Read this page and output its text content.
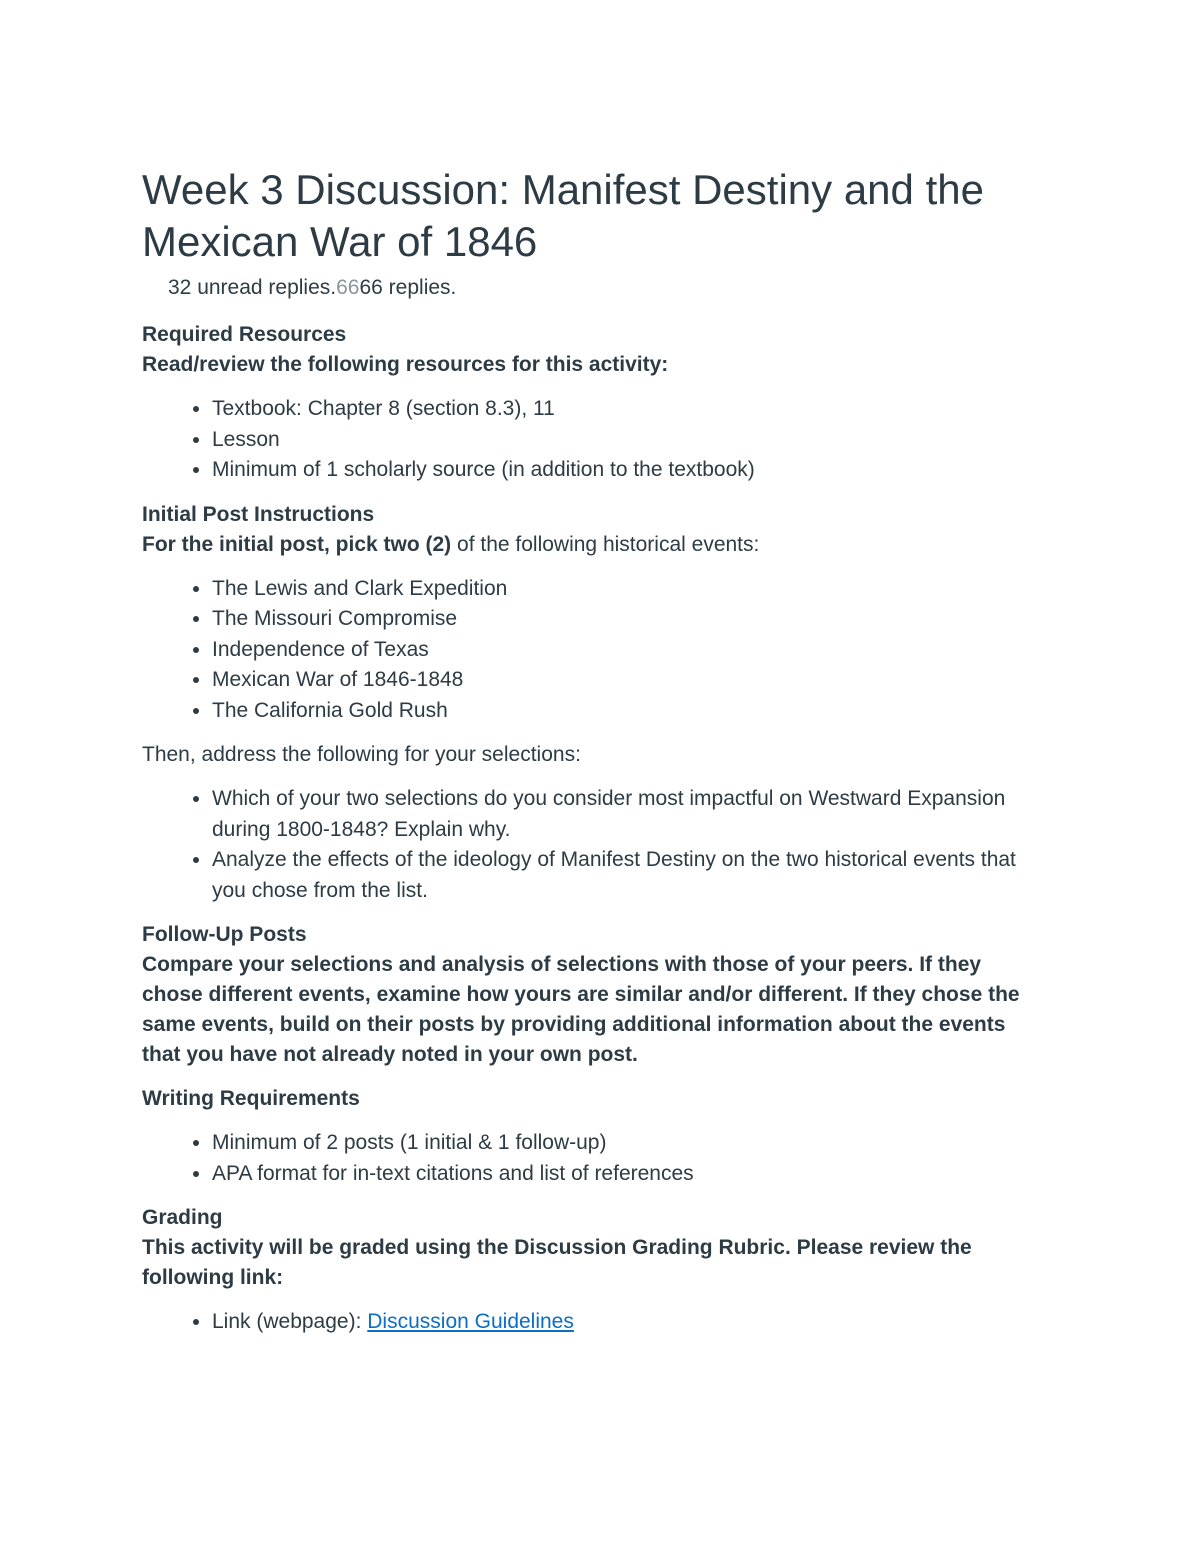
Week 3 Discussion: Manifest Destiny and the Mexican War of 1846
32 unread replies.6666 replies.
Required Resources
Read/review the following resources for this activity:
• Textbook: Chapter 8 (section 8.3), 11
• Lesson
• Minimum of 1 scholarly source (in addition to the textbook)
Initial Post Instructions
For the initial post, pick two (2) of the following historical events:
• The Lewis and Clark Expedition
• The Missouri Compromise
• Independence of Texas
• Mexican War of 1846-1848
• The California Gold Rush

Then, address the following for your selections:

• Which of your two selections do you consider most impactful on Westward Expansion during 1800-1848? Explain why.
• Analyze the effects of the ideology of Manifest Destiny on the two historical events that you chose from the list.
Follow-Up Posts
Compare your selections and analysis of selections with those of your peers. If they chose different events, examine how yours are similar and/or different. If they chose the same events, build on their posts by providing additional information about the events that you have not already noted in your own post.
Writing Requirements
• Minimum of 2 posts (1 initial & 1 follow-up)
• APA format for in-text citations and list of references
Grading
This activity will be graded using the Discussion Grading Rubric. Please review the following link:
• Link (webpage): Discussion Guidelines
